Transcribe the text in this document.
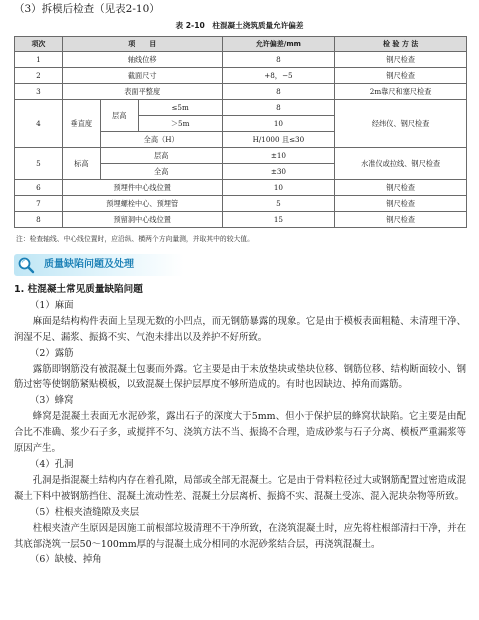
（3）拆模后检查（见表2-10）
表 2-10　柱混凝土浇筑质量允许偏差
项次	项　　目			允许偏差/mm	检 验 方 法
1	轴线位移			8	钢尺检查
2	截面尺寸			+8，−5	钢尺检查
3	表面平整度			8	2m靠尺和塞尺检查
4	垂直度	层高	≤5m	8	经纬仪、钢尺检查
			＞5m	10	
		全高（H）		H/1000 且≤30	
5	标高	层高		±10	水准仪或拉线、钢尺检查
		全高		±30	
6	预埋件中心线位置			10	钢尺检查
7	预埋螺栓中心、预埋管			5	钢尺检查
8	预留洞中心线位置			15	钢尺检查
注：检查轴线、中心线位置时，应沿纵、横两个方向量测，并取其中的较大值。
质量缺陷问题及处理

1. 柱混凝土常见质量缺陷问题

（1）麻面

麻面是结构构件表面上呈现无数的小凹点，而无钢筋暴露的现象。它是由于模板表面粗糙、未清理干净、润湿不足、漏浆、振捣不实、气泡未排出以及养护不好所致。

（2）露筋

露筋即钢筋没有被混凝土包裹而外露。它主要是由于未放垫块或垫块位移、钢筋位移、结构断面较小、钢筋过密等使钢筋紧贴模板，以致混凝土保护层厚度不够所造成的。有时也因缺边、掉角而露筋。

（3）蜂窝

蜂窝是混凝土表面无水泥砂浆，露出石子的深度大于5mm、但小于保护层的蜂窝状缺陷。它主要是由配合比不准确、浆少石子多，或搅拌不匀、浇筑方法不当、振捣不合理，造成砂浆与石子分离、模板严重漏浆等原因产生。

（4）孔洞

孔洞是指混凝土结构内存在着孔隙，局部或全部无混凝土。它是由于骨料粒径过大或钢筋配置过密造成混凝土下料中被钢筋挡住、混凝土流动性差、混凝土分层离析、振捣不实、混凝土受冻、混入泥块杂物等所致。

（5）柱根夹渣缝隙及夹层

柱根夹渣产生原因是因施工前根部垃圾清理不干净所致，在浇筑混凝土时，应先将柱根部清扫干净，并在其底部浇筑一层50～100mm厚的与混凝土成分相同的水泥砂浆结合层，再浇筑混凝土。

（6）缺棱、掉角
